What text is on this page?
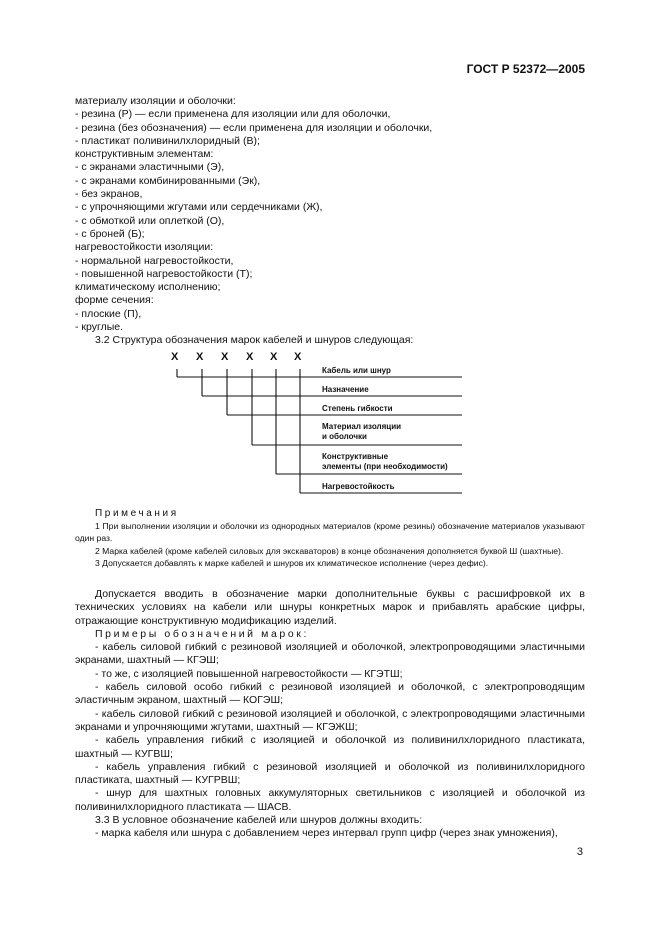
ГОСТ Р 52372—2005

материалу изоляции и оболочки:

- резина (Р) — если применена для изоляции или для оболочки,

- резина (без обозначения) — если применена для изоляции и оболочки,

- пластикат поливинилхлоридный (В);

конструктивным элементам:

- с экранами эластичными (Э),

- с экранами комбинированными (Эк),

- без экранов,

- с упрочняющими жгутами или сердечниками (Ж),

- с обмоткой или оплеткой (О),

- с броней (Б);

нагревостойкости изоляции:

- нормальной нагревостойкости,

- повышенной нагревостойкости (Т);

климатическому исполнению;

форме сечения:

- плоские (П),

- круглые.

3.2 Структура обозначения марок кабелей и шнуров следующая:

X X X X X X
Кабель или шнур
Назначение
Степень гибкости
Материал изоляции
и оболочки
Конструктивные
элементы (при необходимости)
Нагревостойкость

Примечания

1 При выполнении изоляции и оболочки из однородных материалов (кроме резины) обозначение материалов указывают один раз.

2 Марка кабелей (кроме кабелей силовых для экскаваторов) в конце обозначения дополняется буквой Ш (шахтные).

3 Допускается добавлять к марке кабелей и шнуров их климатическое исполнение (через дефис).

Допускается вводить в обозначение марки дополнительные буквы с расшифровкой их в технических условиях на кабели или шнуры конкретных марок и прибавлять арабские цифры, отражающие конструктивную модификацию изделий.

Примеры обозначений марок:

- кабель силовой гибкий с резиновой изоляцией и оболочкой, электропроводящими эластичными экранами, шахтный — КГЭШ;

- то же, с изоляцией повышенной нагревостойкости — КГЭТШ;

- кабель силовой особо гибкий с резиновой изоляцией и оболочкой, с электропроводящим эластичным экраном, шахтный — КОГЭШ;

- кабель силовой гибкий с резиновой изоляцией и оболочкой, с электропроводящими эластичными экранами и упрочняющими жгутами, шахтный — КГЭЖШ;

- кабель управления гибкий с изоляцией и оболочкой из поливинилхлоридного пластиката, шахтный — КУГВШ;

- кабель управления гибкий с резиновой изоляцией и оболочкой из поливинилхлоридного пластиката, шахтный — КУГРВШ;

- шнур для шахтных головных аккумуляторных светильников с изоляцией и оболочкой из поливинилхлоридного пластиката — ШАСВ.

3.3 В условное обозначение кабелей или шнуров должны входить:

- марка кабеля или шнура с добавлением через интервал групп цифр (через знак умножения),

3
